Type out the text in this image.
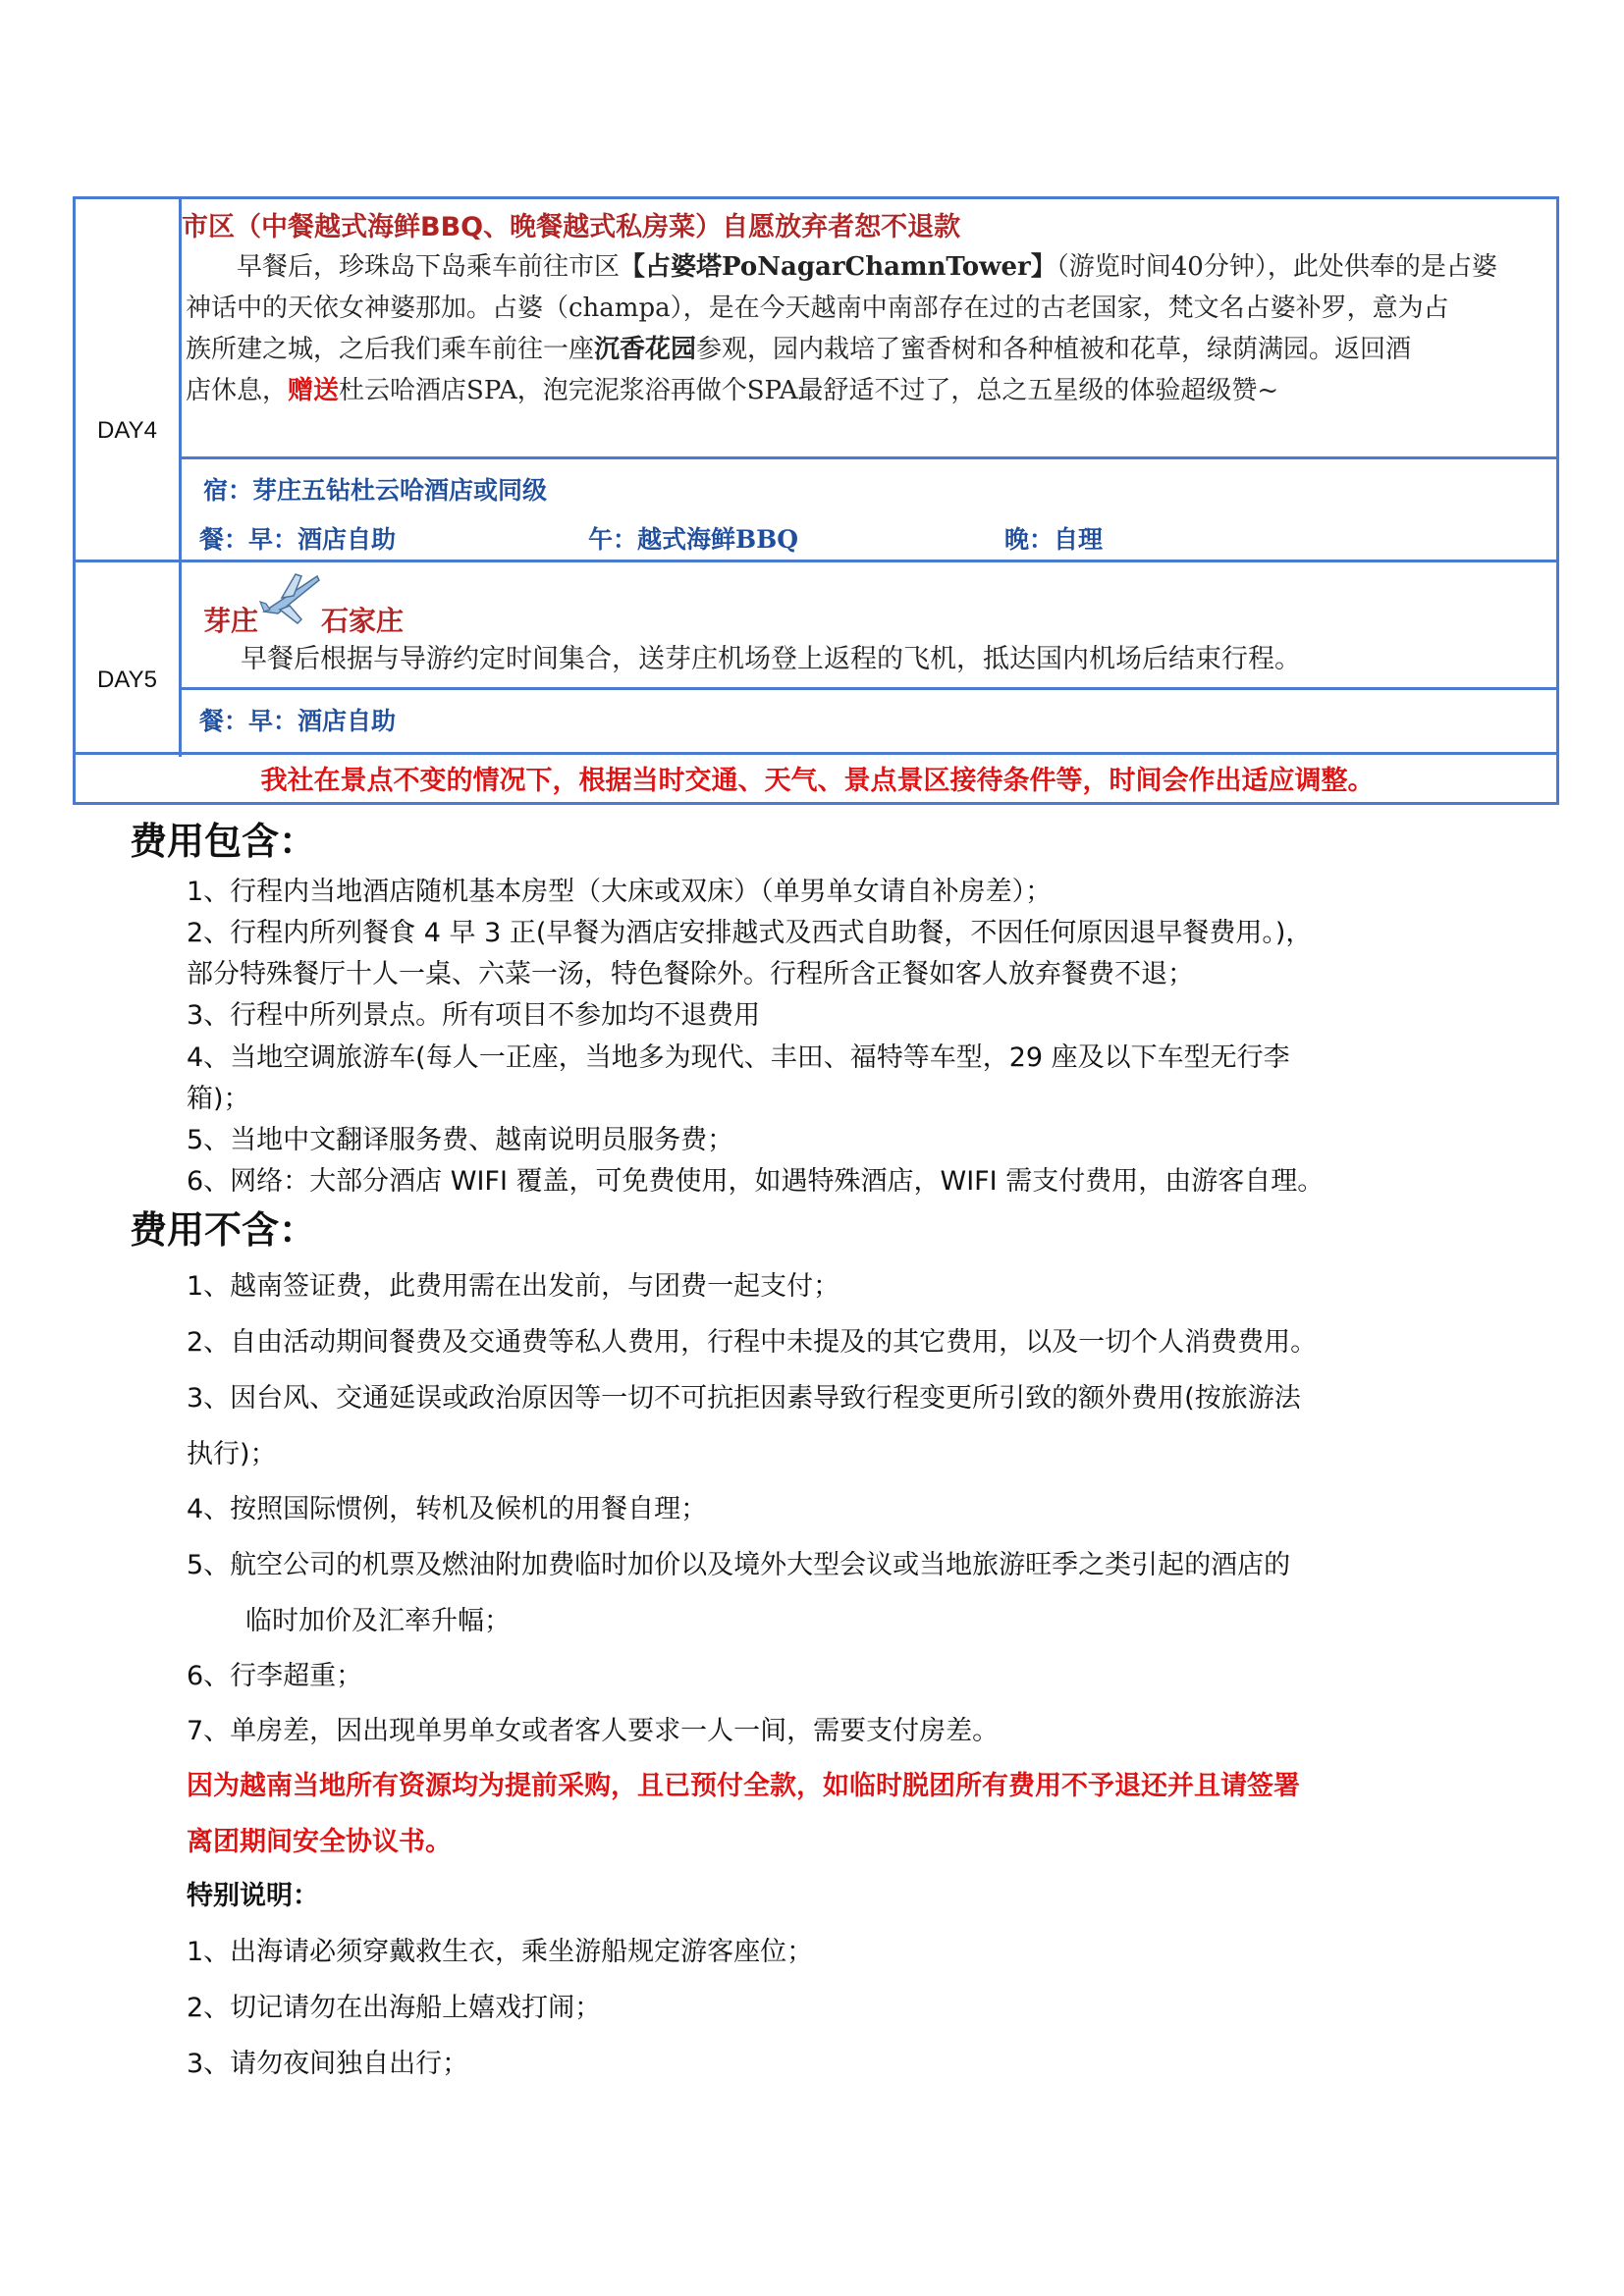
DAY4
市区（中餐越式海鲜BBQ、晚餐越式私房菜）自愿放弃者恕不退款
早餐后，珍珠岛下岛乘车前往市区【占婆塔PoNagarChamnTower】（游览时间40分钟），此处供奉的是占婆
神话中的天依女神婆那加。占婆（champa），是在今天越南中南部存在过的古老国家，梵文名占婆补罗，意为占
族所建之城，之后我们乘车前往一座沉香花园参观，园内栽培了蜜香树和各种植被和花草，绿荫满园。返回酒
店休息，赠送杜云哈酒店SPA，泡完泥浆浴再做个SPA最舒适不过了，总之五星级的体验超级赞~
宿：芽庄五钻杜云哈酒店或同级
餐：早：酒店自助	午：越式海鲜BBQ	晚：自理
DAY5
芽庄 石家庄
早餐后根据与导游约定时间集合，送芽庄机场登上返程的飞机，抵达国内机场后结束行程。
餐：早：酒店自助
我社在景点不变的情况下，根据当时交通、天气、景点景区接待条件等，时间会作出适应调整。
费用包含：
1、行程内当地酒店随机基本房型（大床或双床）（单男单女请自补房差）；
2、行程内所列餐食 4 早 3 正(早餐为酒店安排越式及西式自助餐，不因任何原因退早餐费用。)，
部分特殊餐厅十人一桌、六菜一汤，特色餐除外。行程所含正餐如客人放弃餐费不退；
3、行程中所列景点。所有项目不参加均不退费用
4、当地空调旅游车(每人一正座，当地多为现代、丰田、福特等车型，29 座及以下车型无行李
箱)；
5、当地中文翻译服务费、越南说明员服务费；
6、网络：大部分酒店 WIFI 覆盖，可免费使用，如遇特殊酒店，WIFI 需支付费用，由游客自理。
费用不含：
1、越南签证费，此费用需在出发前，与团费一起支付；
2、自由活动期间餐费及交通费等私人费用，行程中未提及的其它费用，以及一切个人消费费用。
3、因台风、交通延误或政治原因等一切不可抗拒因素导致行程变更所引致的额外费用(按旅游法
执行)；
4、按照国际惯例，转机及候机的用餐自理；
5、航空公司的机票及燃油附加费临时加价以及境外大型会议或当地旅游旺季之类引起的酒店的
临时加价及汇率升幅；
6、行李超重；
7、单房差，因出现单男单女或者客人要求一人一间，需要支付房差。
因为越南当地所有资源均为提前采购，且已预付全款，如临时脱团所有费用不予退还并且请签署
离团期间安全协议书。
特别说明：
1、出海请必须穿戴救生衣，乘坐游船规定游客座位；
2、切记请勿在出海船上嬉戏打闹；
3、请勿夜间独自出行；
